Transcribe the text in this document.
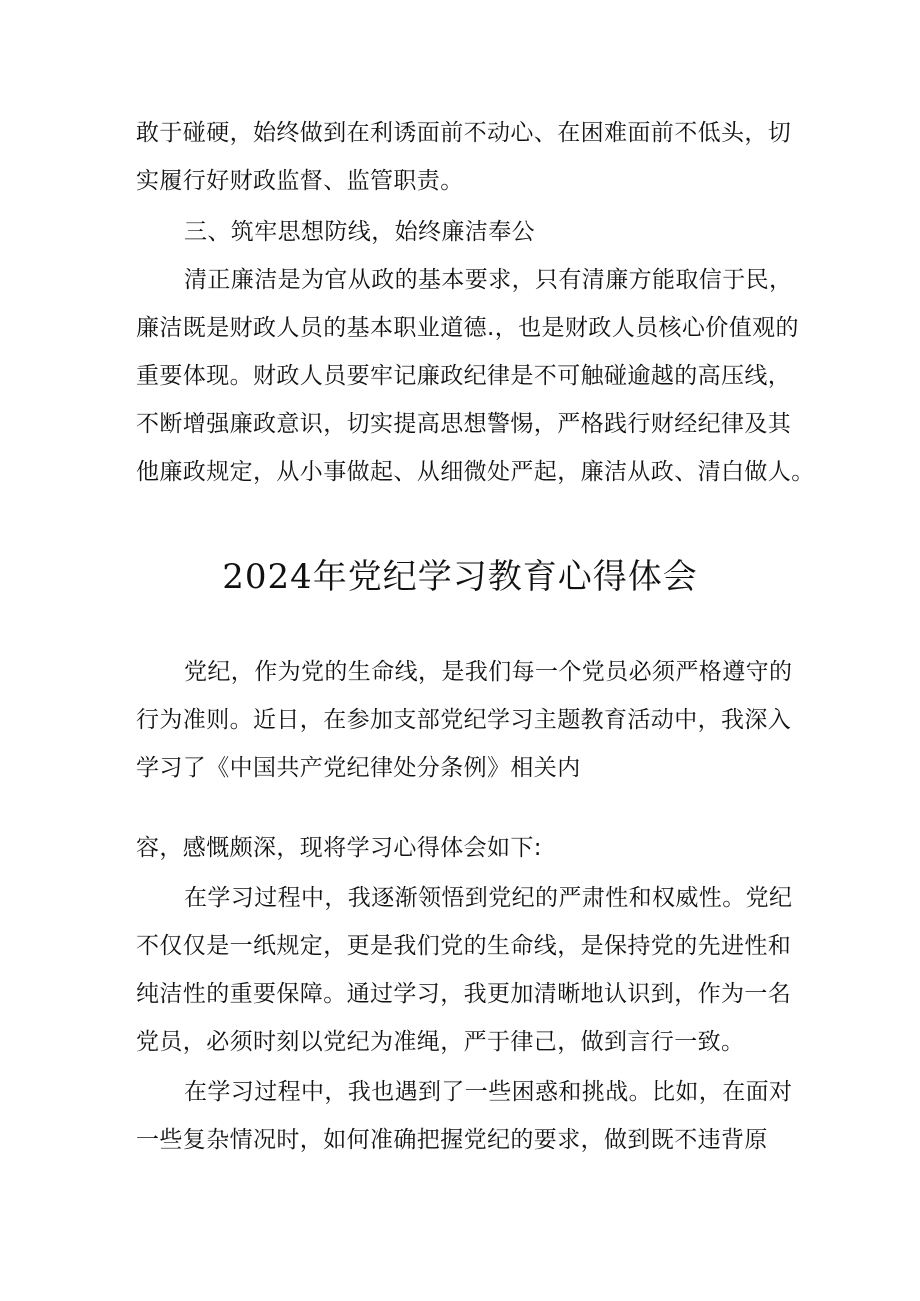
敢于碰硬，始终做到在利诱面前不动心、在困难面前不低头，切
实履行好财政监督、监管职责。
三、筑牢思想防线，始终廉洁奉公
清正廉洁是为官从政的基本要求，只有清廉方能取信于民，
廉洁既是财政人员的基本职业道德.，也是财政人员核心价值观的
重要体现。财政人员要牢记廉政纪律是不可触碰逾越的高压线，
不断增强廉政意识，切实提高思想警惕，严格践行财经纪律及其
他廉政规定，从小事做起、从细微处严起，廉洁从政、清白做人。
2024年党纪学习教育心得体会
党纪，作为党的生命线，是我们每一个党员必须严格遵守的
行为准则。近日，在参加支部党纪学习主题教育活动中，我深入
学习了《中国共产党纪律处分条例》相关内
容，感慨颇深，现将学习心得体会如下:
在学习过程中，我逐渐领悟到党纪的严肃性和权威性。党纪
不仅仅是一纸规定，更是我们党的生命线，是保持党的先进性和
纯洁性的重要保障。通过学习，我更加清晰地认识到，作为一名
党员，必须时刻以党纪为准绳，严于律己，做到言行一致。
在学习过程中，我也遇到了一些困惑和挑战。比如，在面对
一些复杂情况时，如何准确把握党纪的要求，做到既不违背原
